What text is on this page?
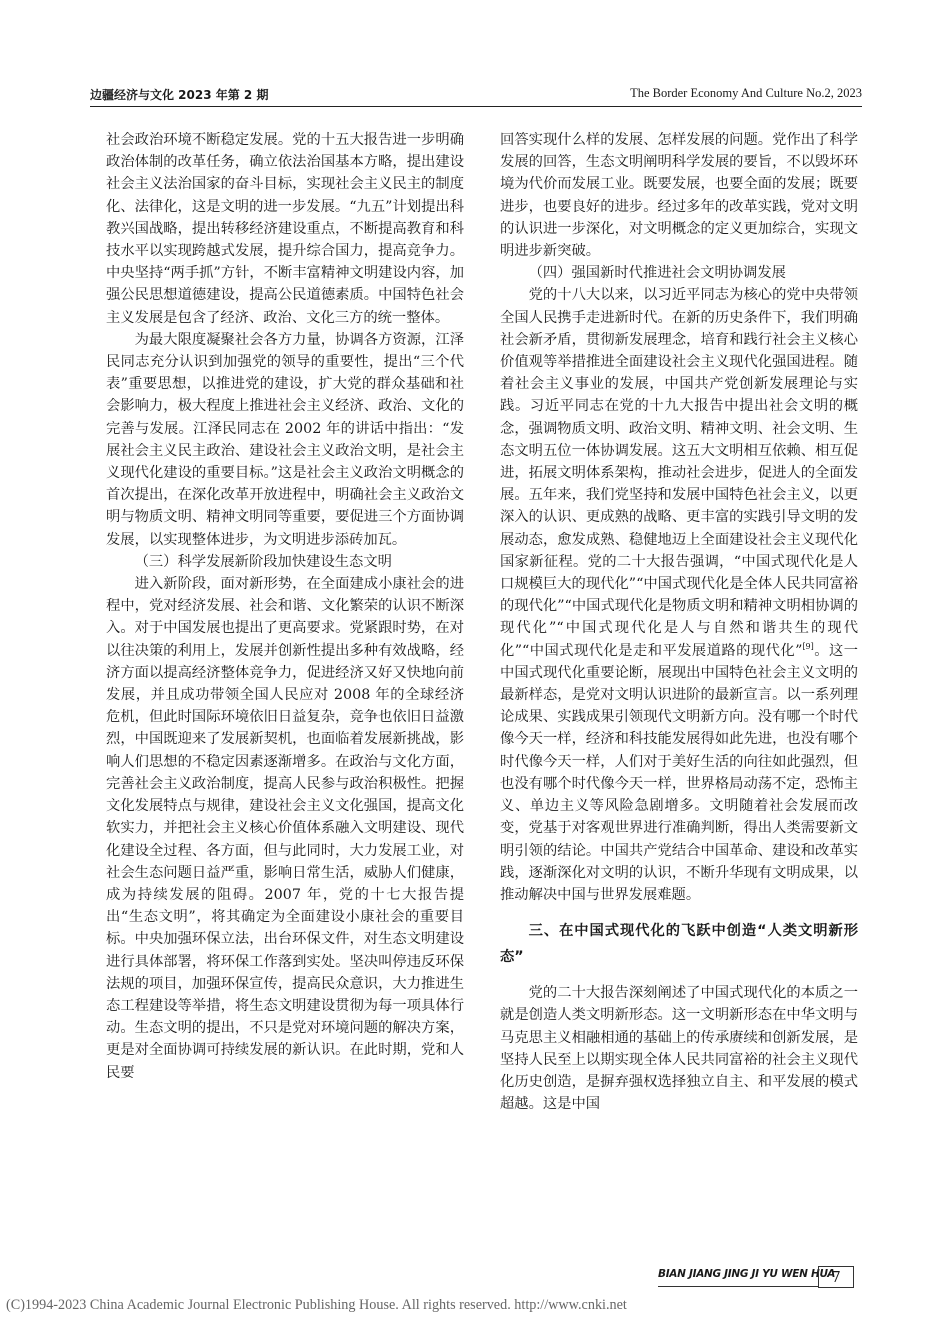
边疆经济与文化 2023 年第 2 期	The Border Economy And Culture No.2, 2023

社会政治环境不断稳定发展。党的十五大报告进一步明确政治体制的改革任务，确立依法治国基本方略，提出建设社会主义法治国家的奋斗目标，实现社会主义民主的制度化、法律化，这是文明的进一步发展。“九五”计划提出科教兴国战略，提出转移经济建设重点，不断提高教育和科技水平以实现跨越式发展，提升综合国力，提高竞争力。中央坚持“两手抓”方针，不断丰富精神文明建设内容，加强公民思想道德建设，提高公民道德素质。中国特色社会主义发展是包含了经济、政治、文化三方的统一整体。

为最大限度凝聚社会各方力量，协调各方资源，江泽民同志充分认识到加强党的领导的重要性，提出“三个代表”重要思想，以推进党的建设，扩大党的群众基础和社会影响力，极大程度上推进社会主义经济、政治、文化的完善与发展。江泽民同志在 2002 年的讲话中指出：“发展社会主义民主政治、建设社会主义政治文明，是社会主义现代化建设的重要目标。”这是社会主义政治文明概念的首次提出，在深化改革开放进程中，明确社会主义政治文明与物质文明、精神文明同等重要，要促进三个方面协调发展，以实现整体进步，为文明进步添砖加瓦。

（三）科学发展新阶段加快建设生态文明

进入新阶段，面对新形势，在全面建成小康社会的进程中，党对经济发展、社会和谐、文化繁荣的认识不断深入。对于中国发展也提出了更高要求。党紧跟时势，在对以往决策的利用上，发展并创新性提出多种有效战略，经济方面以提高经济整体竞争力，促进经济又好又快地向前发展，并且成功带领全国人民应对 2008 年的全球经济危机，但此时国际环境依旧日益复杂，竞争也依旧日益激烈，中国既迎来了发展新契机，也面临着发展新挑战，影响人们思想的不稳定因素逐渐增多。在政治与文化方面，完善社会主义政治制度，提高人民参与政治积极性。把握文化发展特点与规律，建设社会主义文化强国，提高文化软实力，并把社会主义核心价值体系融入文明建设、现代化建设全过程、各方面，但与此同时，大力发展工业，对社会生态问题日益严重，影响日常生活，威胁人们健康，成为持续发展的阻碍。2007 年，党的十七大报告提出“生态文明”，将其确定为全面建设小康社会的重要目标。中央加强环保立法，出台环保文件，对生态文明建设进行具体部署，将环保工作落到实处。坚决叫停违反环保法规的项目，加强环保宣传，提高民众意识，大力推进生态工程建设等举措，将生态文明建设贯彻为每一项具体行动。生态文明的提出，不只是党对环境问题的解决方案，更是对全面协调可持续发展的新认识。在此时期，党和人民要

回答实现什么样的发展、怎样发展的问题。党作出了科学发展的回答，生态文明阐明科学发展的要旨，不以毁坏环境为代价而发展工业。既要发展，也要全面的发展；既要进步，也要良好的进步。经过多年的改革实践，党对文明的认识进一步深化，对文明概念的定义更加综合，实现文明进步新突破。

（四）强国新时代推进社会文明协调发展

党的十八大以来，以习近平同志为核心的党中央带领全国人民携手走进新时代。在新的历史条件下，我们明确社会新矛盾，贯彻新发展理念，培育和践行社会主义核心价值观等举措推进全面建设社会主义现代化强国进程。随着社会主义事业的发展，中国共产党创新发展理论与实践。习近平同志在党的十九大报告中提出社会文明的概念，强调物质文明、政治文明、精神文明、社会文明、生态文明五位一体协调发展。这五大文明相互依赖、相互促进，拓展文明体系架构，推动社会进步，促进人的全面发展。五年来，我们党坚持和发展中国特色社会主义，以更深入的认识、更成熟的战略、更丰富的实践引导文明的发展动态，愈发成熟、稳健地迈上全面建设社会主义现代化国家新征程。党的二十大报告强调，“中国式现代化是人口规模巨大的现代化”“中国式现代化是全体人民共同富裕的现代化”“中国式现代化是物质文明和精神文明相协调的现代化”“中国式现代化是人与自然和谐共生的现代化”“中国式现代化是走和平发展道路的现代化”[9]。这一中国式现代化重要论断，展现出中国特色社会主义文明的最新样态，是党对文明认识进阶的最新宣言。以一系列理论成果、实践成果引领现代文明新方向。没有哪一个时代像今天一样，经济和科技能发展得如此先进，也没有哪个时代像今天一样，人们对于美好生活的向往如此强烈，但也没有哪个时代像今天一样，世界格局动荡不定，恐怖主义、单边主义等风险急剧增多。文明随着社会发展而改变，党基于对客观世界进行准确判断，得出人类需要新文明引领的结论。中国共产党结合中国革命、建设和改革实践，逐渐深化对文明的认识，不断升华现有文明成果，以推动解决中国与世界发展难题。

三、在中国式现代化的飞跃中创造“人类文明新形态”

党的二十大报告深刻阐述了中国式现代化的本质之一就是创造人类文明新形态。这一文明新形态在中华文明与马克思主义相融相通的基础上的传承赓续和创新发展，是坚持人民至上以期实现全体人民共同富裕的社会主义现代化历史创造，是摒弃强权选择独立自主、和平发展的模式超越。这是中国

BIAN JIANG JING JI YU WEN HUA
7
(C)1994-2023 China Academic Journal Electronic Publishing House. All rights reserved. http://www.cnki.net
